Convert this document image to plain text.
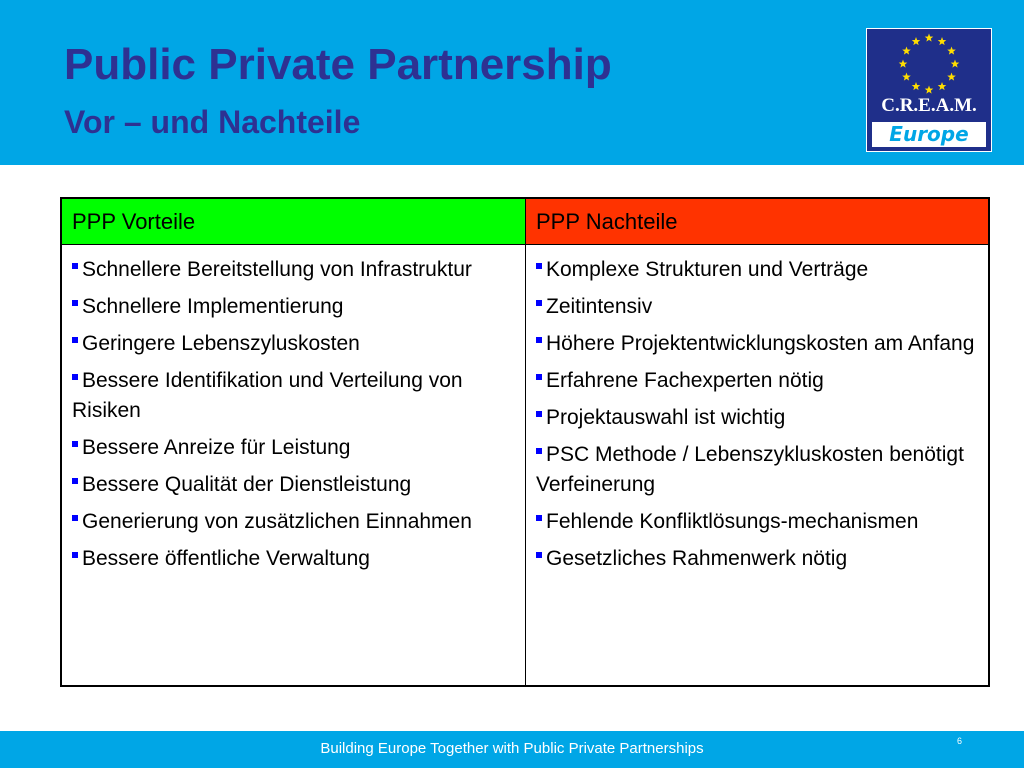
Public Private Partnership
Vor – und Nachteile	C.R.E.A.M.
Europe
PPP Vorteile
Schnellere Bereitstellung von Infrastruktur
Schnellere Implementierung
Geringere Lebenszyluskosten
Bessere Identifikation und Verteilung von Risiken
Bessere Anreize für Leistung
Bessere Qualität der Dienstleistung
Generierung von zusätzlichen Einnahmen
Bessere öffentliche Verwaltung
PPP Nachteile
Komplexe Strukturen und Verträge
Zeitintensiv
Höhere Projektentwicklungskosten am Anfang
Erfahrene Fachexperten nötig
Projektauswahl ist wichtig
PSC Methode / Lebenszykluskosten benötigt Verfeinerung
Fehlende Konfliktlösungs-mechanismen
Gesetzliches Rahmenwerk nötig
Building Europe Together with Public Private Partnerships	6
